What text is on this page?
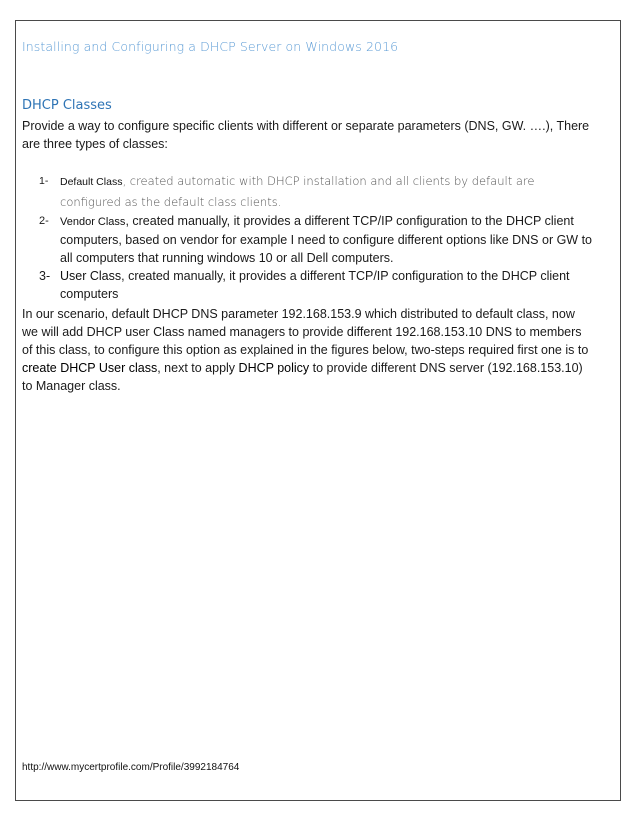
Installing and Configuring a DHCP Server on Windows 2016
DHCP Classes
Provide a way to configure specific clients with different or separate parameters (DNS, GW. ….), There are three types of classes:
1- Default Class, created automatic with DHCP installation and all clients by default are configured as the default class clients.
2- Vendor Class, created manually, it provides a different TCP/IP configuration to the DHCP client computers, based on vendor for example I need to configure different options like DNS or GW to all computers that running windows 10 or all Dell computers.
3- User Class, created manually, it provides a different TCP/IP configuration to the DHCP client computers
In our scenario, default DHCP DNS parameter 192.168.153.9 which distributed to default class, now we will add DHCP user Class named managers to provide different 192.168.153.10 DNS to members of this class, to configure this option as explained in the figures below, two-steps required first one is to create DHCP User class, next to apply DHCP policy to provide different DNS server (192.168.153.10) to Manager class.
http://www.mycertprofile.com/Profile/3992184764
